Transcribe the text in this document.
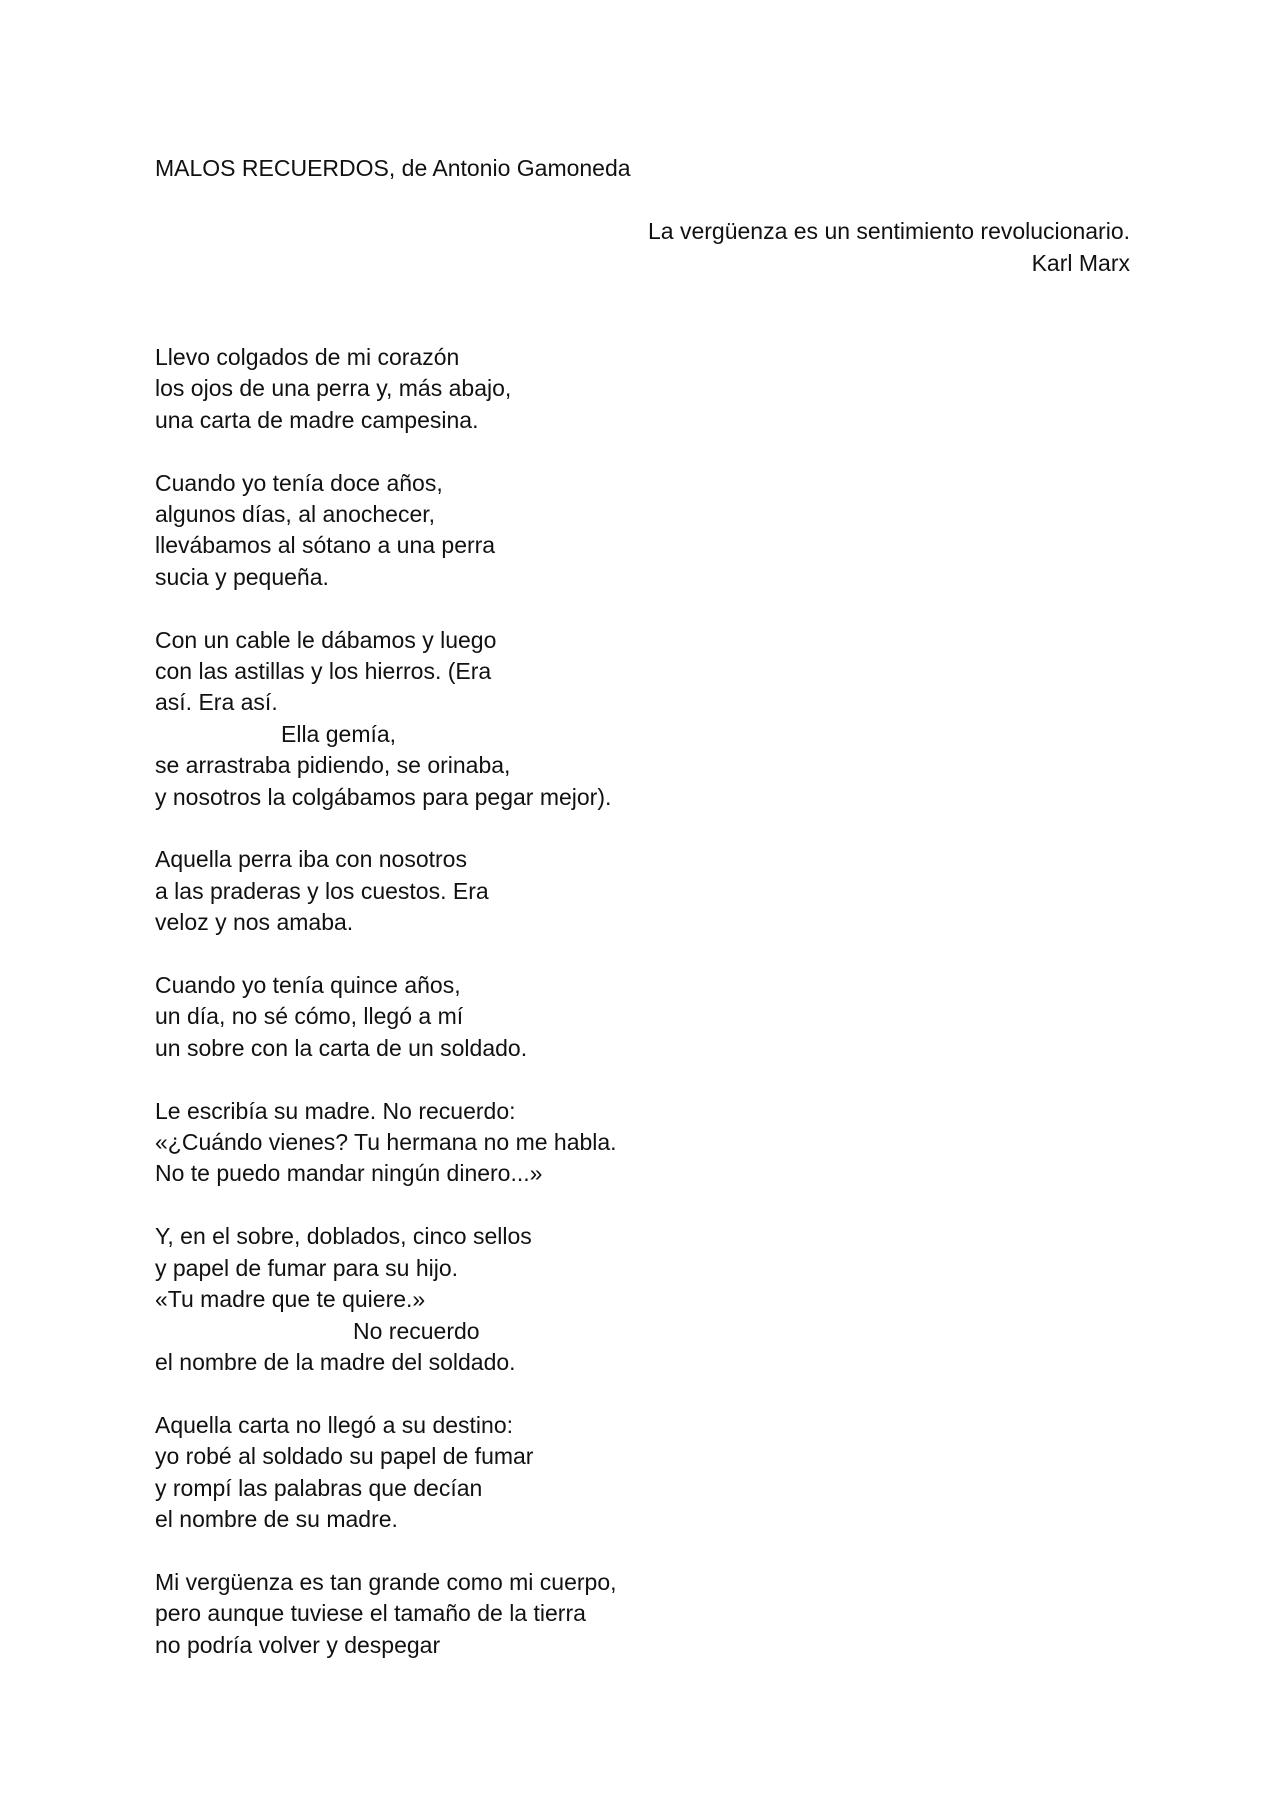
MALOS RECUERDOS, de Antonio Gamoneda
La vergüenza es un sentimiento revolucionario.
Karl Marx
Llevo colgados de mi corazón
los ojos de una perra y, más abajo,
una carta de madre campesina.
Cuando yo tenía doce años,
algunos días, al anochecer,
llevábamos al sótano a una perra
sucia y pequeña.
Con un cable le dábamos y luego
con las astillas y los hierros. (Era
así. Era así.
Ella gemía,
se arrastraba pidiendo, se orinaba,
y nosotros la colgábamos para pegar mejor).
Aquella perra iba con nosotros
a las praderas y los cuestos. Era
veloz y nos amaba.
Cuando yo tenía quince años,
un día, no sé cómo, llegó a mí
un sobre con la carta de un soldado.
Le escribía su madre. No recuerdo:
«¿Cuándo vienes? Tu hermana no me habla.
No te puedo mandar ningún dinero...»
Y, en el sobre, doblados, cinco sellos
y papel de fumar para su hijo.
«Tu madre que te quiere.»
No recuerdo
el nombre de la madre del soldado.
Aquella carta no llegó a su destino:
yo robé al soldado su papel de fumar
y rompí las palabras que decían
el nombre de su madre.
Mi vergüenza es tan grande como mi cuerpo,
pero aunque tuviese el tamaño de la tierra
no podría volver y despegar
